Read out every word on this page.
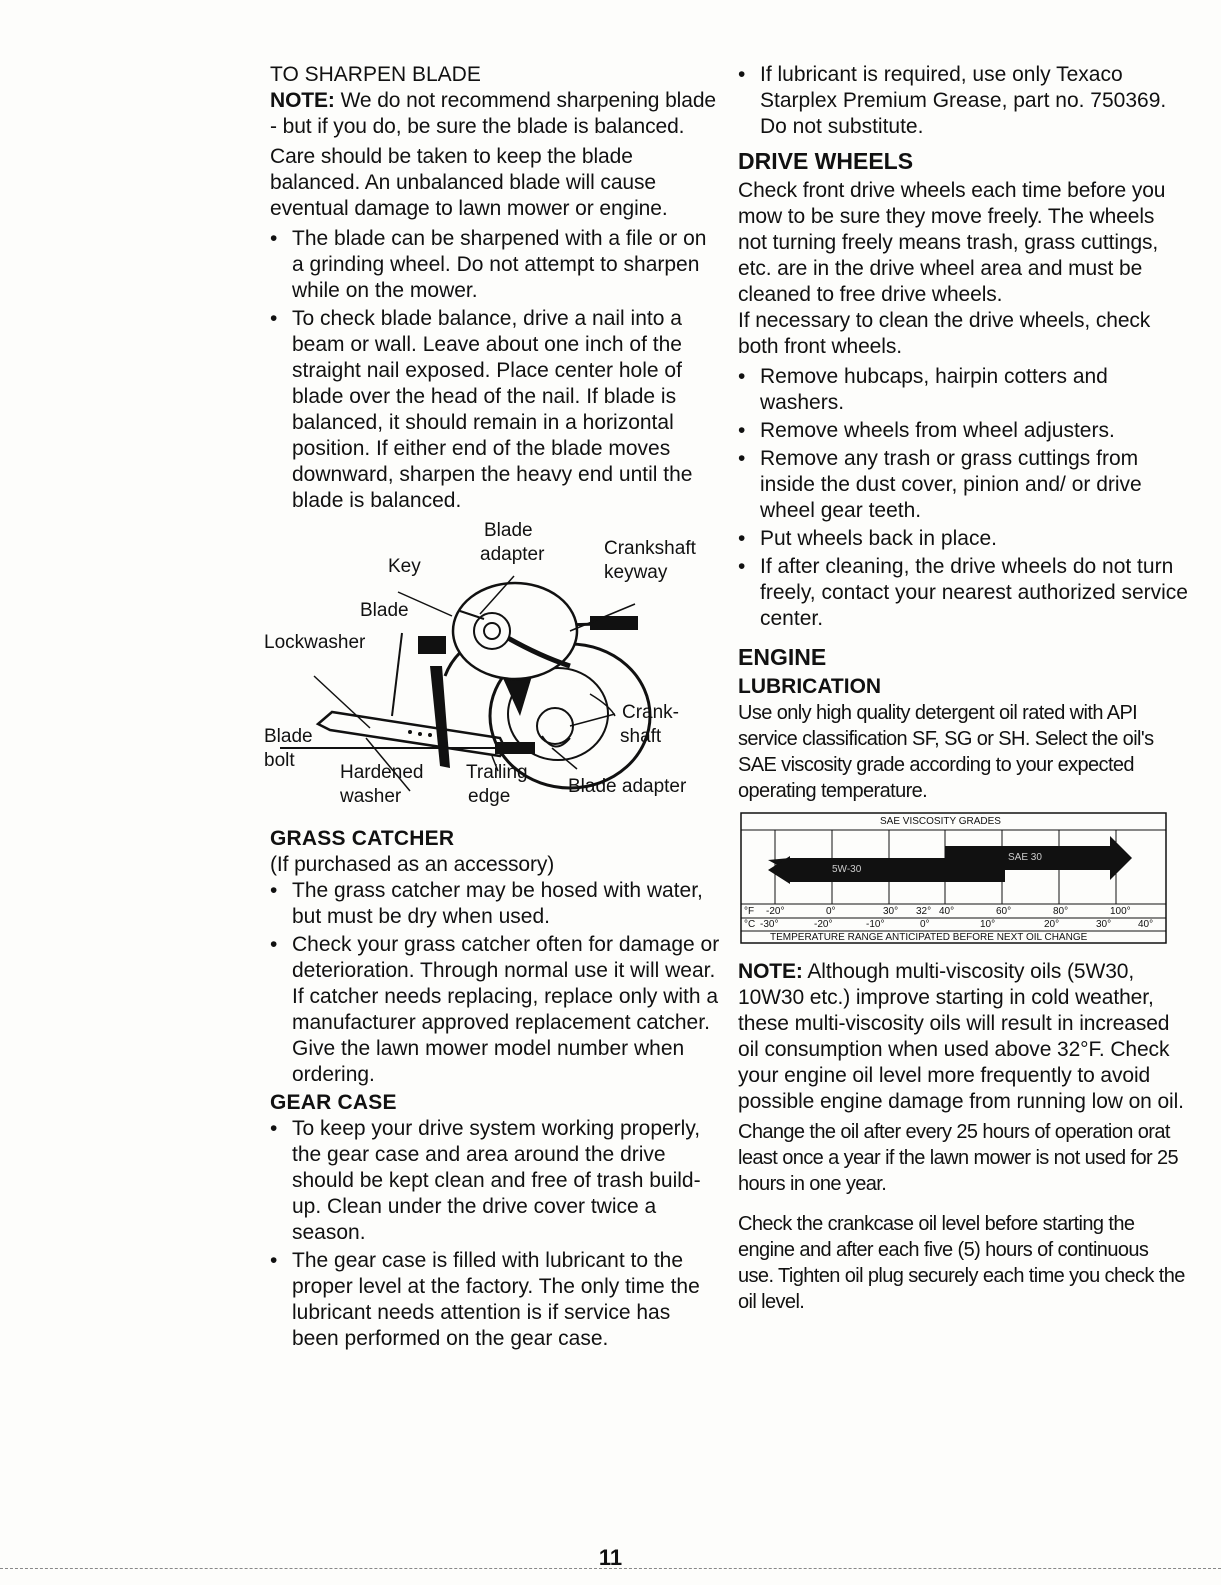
TO SHARPEN BLADE

NOTE: We do not recommend sharpening blade - but if you do, be sure the blade is balanced.

Care should be taken to keep the blade balanced. An unbalanced blade will cause eventual damage to lawn mower or engine.

• The blade can be sharpened with a file or on a grinding wheel. Do not attempt to sharpen while on the mower.
• To check blade balance, drive a nail into a beam or wall. Leave about one inch of the straight nail exposed. Place center hole of blade over the head of the nail. If blade is balanced, it should remain in a horizontal position. If either end of the blade moves downward, sharpen the heavy end until the blade is balanced.
Blade
adapter
Key
Crankshaft
keyway
Blade
Lockwasher
Crank-
shaft
Blade
bolt
Hardened
washer
Trailing
edge	Blade adapter
GRASS CATCHER

(If purchased as an accessory)

• The grass catcher may be hosed with water, but must be dry when used.
• Check your grass catcher often for damage or deterioration. Through normal use it will wear. If catcher needs replacing, replace only with a manufacturer approved replacement catcher. Give the lawn mower model number when ordering.
GEAR CASE
• To keep your drive system working properly, the gear case and area around the drive should be kept clean and free of trash build-up. Clean under the drive cover twice a season.
• The gear case is filled with lubricant to the proper level at the factory. The only time the lubricant needs attention is if service has been performed on the gear case.
• If lubricant is required, use only Texaco Starplex Premium Grease, part no. 750369. Do not substitute.
DRIVE WHEELS

Check front drive wheels each time before you mow to be sure they move freely. The wheels not turning freely means trash, grass cuttings, etc. are in the drive wheel area and must be cleaned to free drive wheels.

If necessary to clean the drive wheels, check both front wheels.

• Remove hubcaps, hairpin cotters and washers.
• Remove wheels from wheel adjusters.
• Remove any trash or grass cuttings from inside the dust cover, pinion and/ or drive wheel gear teeth.
• Put wheels back in place.
• If after cleaning, the drive wheels do not turn freely, contact your nearest authorized service center.
ENGINE
LUBRICATION

Use only high quality detergent oil rated with API service classification SF, SG or SH. Select the oil's SAE viscosity grade according to your expected operating temperature.

SAE VISCOSITY GRADES
5W-30
SAE 30
°F -20°	0°	30° 32° 40°	60°	80°	100°
°C -30°	-20°	-10°	0°	10°	20°	30°	40°
TEMPERATURE RANGE ANTICIPATED BEFORE NEXT OIL CHANGE

NOTE: Although multi-viscosity oils (5W30, 10W30 etc.) improve starting in cold weather, these multi-viscosity oils will result in increased oil consumption when used above 32°F. Check your engine oil level more frequently to avoid possible engine damage from running low on oil.

Change the oil after every 25 hours of operation orat least once a year if the lawn mower is not used for 25 hours in one year.

Check the crankcase oil level before starting the engine and after each five (5) hours of continuous use. Tighten oil plug securely each time you check the oil level.

11
